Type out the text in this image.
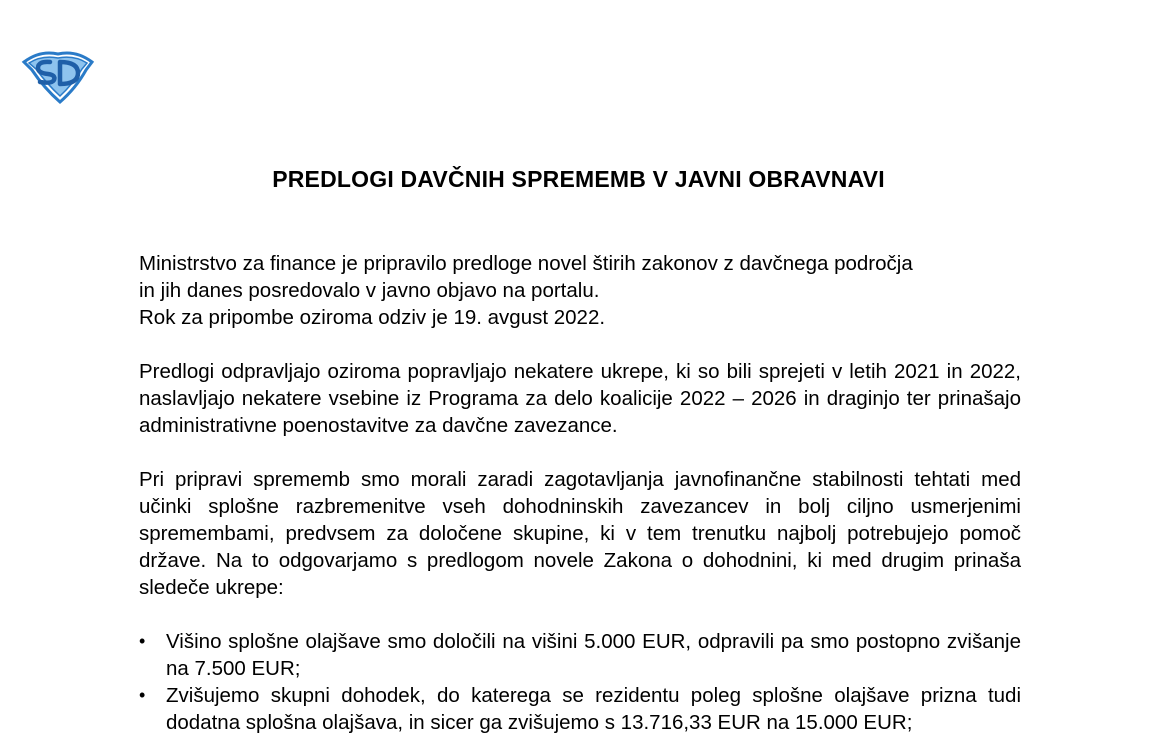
PREDLOGI DAVČNIH SPREMEMB V JAVNI OBRAVNAVI

Ministrstvo za finance je pripravilo predloge novel štirih zakonov z davčnega področja
in jih danes posredovalo v javno objavo na portalu.
Rok za pripombe oziroma odziv je 19. avgust 2022.

Predlogi odpravljajo oziroma popravljajo nekatere ukrepe, ki so bili sprejeti v letih 2021 in 2022, naslavljajo nekatere vsebine iz Programa za delo koalicije 2022 – 2026 in draginjo ter prinašajo administrativne poenostavitve za davčne zavezance.

Pri pripravi sprememb smo morali zaradi zagotavljanja javnofinančne stabilnosti tehtati med učinki splošne razbremenitve vseh dohodninskih zavezancev in bolj ciljno usmerjenimi spremembami, predvsem za določene skupine, ki v tem trenutku najbolj potrebujejo pomoč države. Na to odgovarjamo s predlogom novele Zakona o dohodnini, ki med drugim prinaša sledeče ukrepe:

•	Višino splošne olajšave smo določili na višini 5.000 EUR, odpravili pa smo postopno zvišanje na 7.500 EUR;
•	Zvišujemo skupni dohodek, do katerega se rezidentu poleg splošne olajšave prizna tudi dodatna splošna olajšava, in sicer ga zvišujemo s 13.716,33 EUR na 15.000 EUR;
